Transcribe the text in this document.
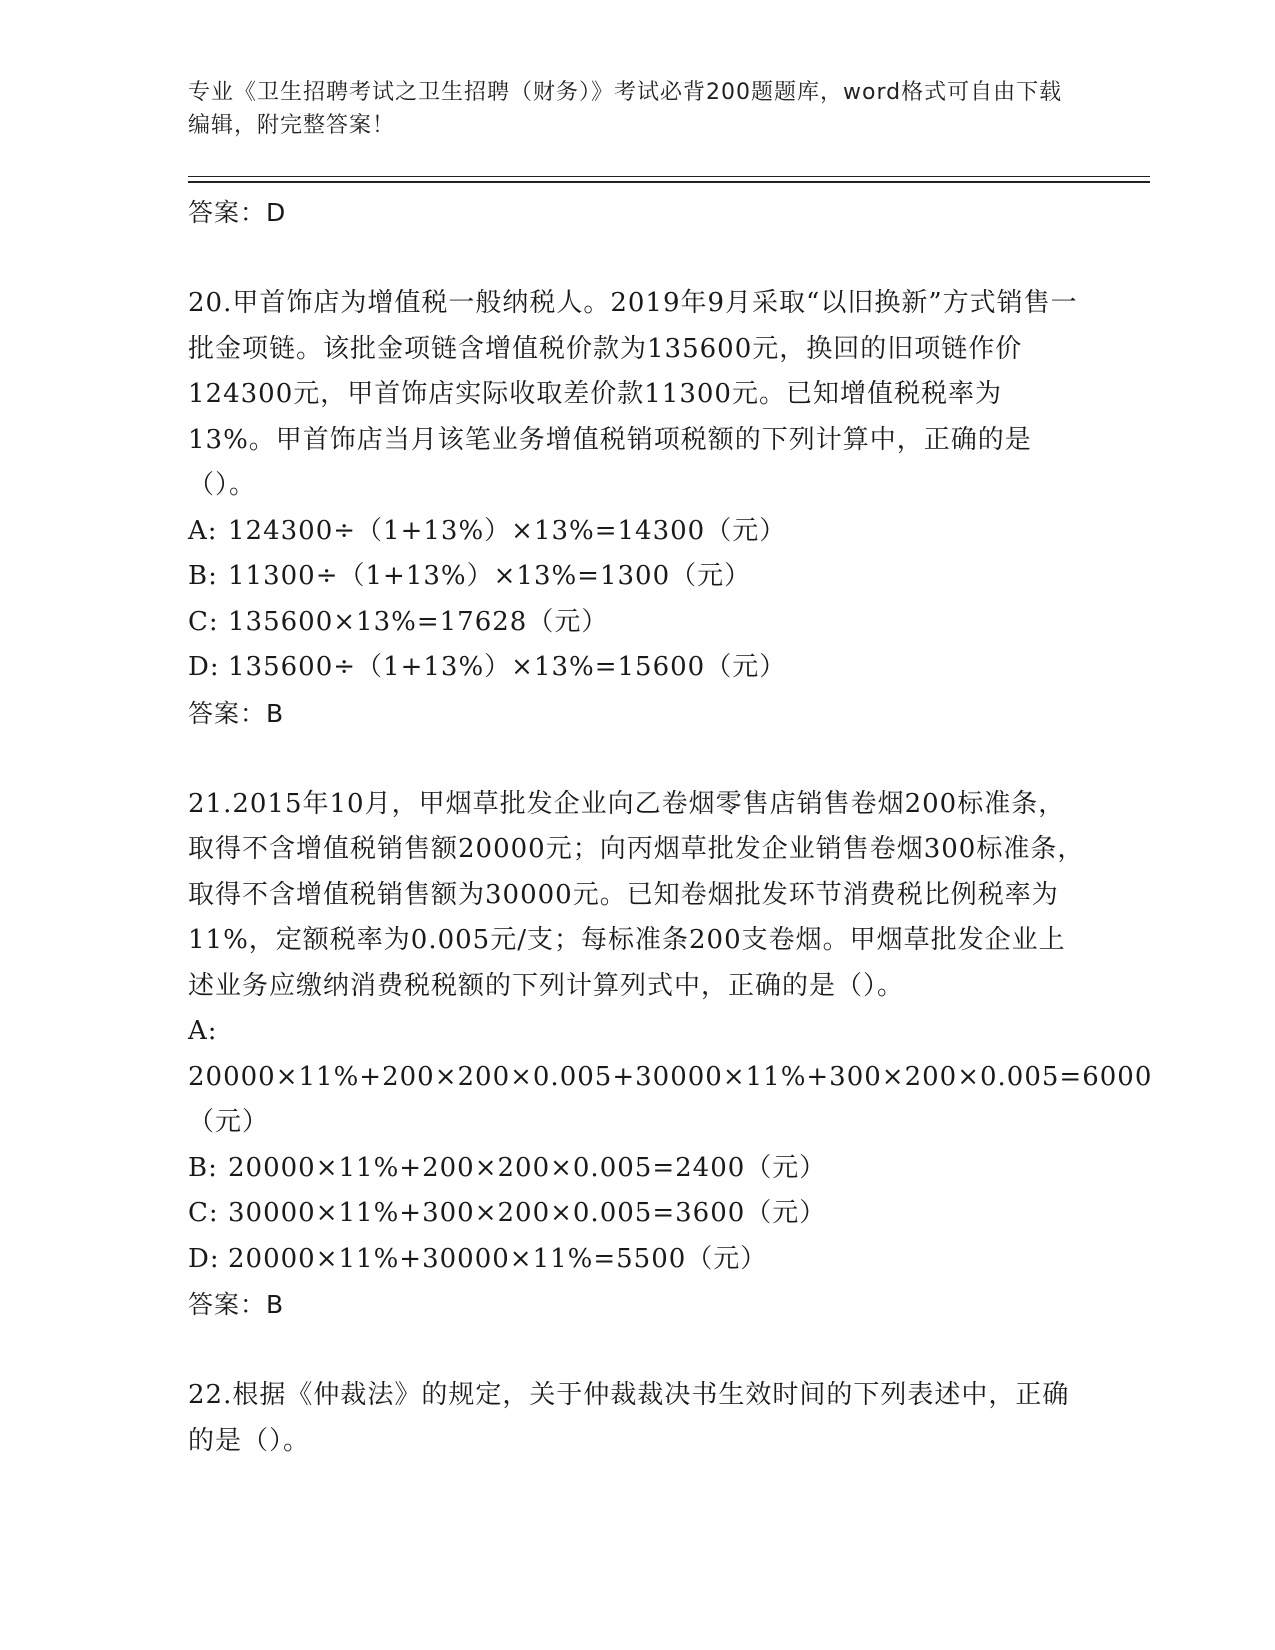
专业《卫生招聘考试之卫生招聘（财务）》考试必背200题题库，word格式可自由下载编辑，附完整答案！
答案：D
20.甲首饰店为增值税一般纳税人。2019年9月采取“以旧换新”方式销售一批金项链。该批金项链含增值税价款为135600元，换回的旧项链作价124300元，甲首饰店实际收取差价款11300元。已知增值税税率为13%。甲首饰店当月该笔业务增值税销项税额的下列计算中，正确的是（）。
A: 124300÷（1+13%）×13%=14300（元）
B: 11300÷（1+13%）×13%=1300（元）
C: 135600×13%=17628（元）
D: 135600÷（1+13%）×13%=15600（元）
答案：B
21.2015年10月，甲烟草批发企业向乙卷烟零售店销售卷烟200标准条，取得不含增值税销售额20000元；向丙烟草批发企业销售卷烟300标准条，取得不含增值税销售额为30000元。已知卷烟批发环节消费税比例税率为11%，定额税率为0.005元/支；每标准条200支卷烟。甲烟草批发企业上述业务应缴纳消费税税额的下列计算列式中，正确的是（）。
A:20000×11%+200×200×0.005+30000×11%+300×200×0.005=6000（元）
B: 20000×11%+200×200×0.005=2400（元）
C: 30000×11%+300×200×0.005=3600（元）
D: 20000×11%+30000×11%=5500（元）
答案：B
22.根据《仲裁法》的规定，关于仲裁裁决书生效时间的下列表述中，正确的是（）。
